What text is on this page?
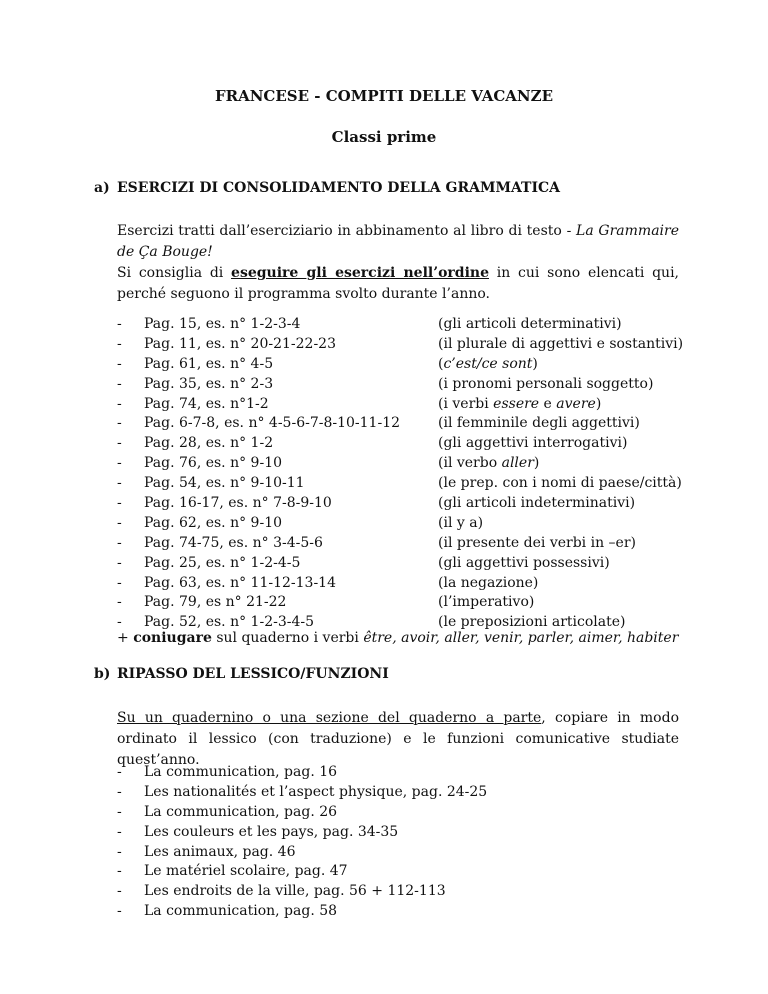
FRANCESE - COMPITI DELLE VACANZE
Classi prime
a) ESERCIZI DI CONSOLIDAMENTO DELLA GRAMMATICA
Esercizi tratti dall’eserciziario in abbinamento al libro di testo - La Grammaire de Ça Bouge!
Si consiglia di eseguire gli esercizi nell’ordine in cui sono elencati qui, perché seguono il programma svolto durante l’anno.
- Pag. 15, es. n° 1-2-3-4	(gli articoli determinativi)
- Pag. 11, es. n° 20-21-22-23	(il plurale di aggettivi e sostantivi)
- Pag. 61, es. n° 4-5	(c’est/ce sont)
- Pag. 35, es. n° 2-3	(i pronomi personali soggetto)
- Pag. 74, es. n°1-2	(i verbi essere e avere)
- Pag. 6-7-8, es. n° 4-5-6-7-8-10-11-12	(il femminile degli aggettivi)
- Pag. 28, es. n° 1-2	(gli aggettivi interrogativi)
- Pag. 76, es. n° 9-10	(il verbo aller)
- Pag. 54, es. n° 9-10-11	(le prep. con i nomi di paese/città)
- Pag. 16-17, es. n° 7-8-9-10	(gli articoli indeterminativi)
- Pag. 62, es. n° 9-10	(il y a)
- Pag. 74-75, es. n° 3-4-5-6	(il presente dei verbi in –er)
- Pag. 25, es. n° 1-2-4-5	(gli aggettivi possessivi)
- Pag. 63, es. n° 11-12-13-14	(la negazione)
- Pag. 79, es n° 21-22	(l’imperativo)
- Pag. 52, es. n° 1-2-3-4-5	(le preposizioni articolate)
+ coniugare sul quaderno i verbi être, avoir, aller, venir, parler, aimer, habiter
b) RIPASSO DEL LESSICO/FUNZIONI
Su un quadernino o una sezione del quaderno a parte, copiare in modo ordinato il lessico (con traduzione) e le funzioni comunicative studiate quest’anno.
- La communication, pag. 16
- Les nationalités et l’aspect physique, pag. 24-25
- La communication, pag. 26
- Les couleurs et les pays, pag. 34-35
- Les animaux, pag. 46
- Le matériel scolaire, pag. 47
- Les endroits de la ville, pag. 56 + 112-113
- La communication, pag. 58
